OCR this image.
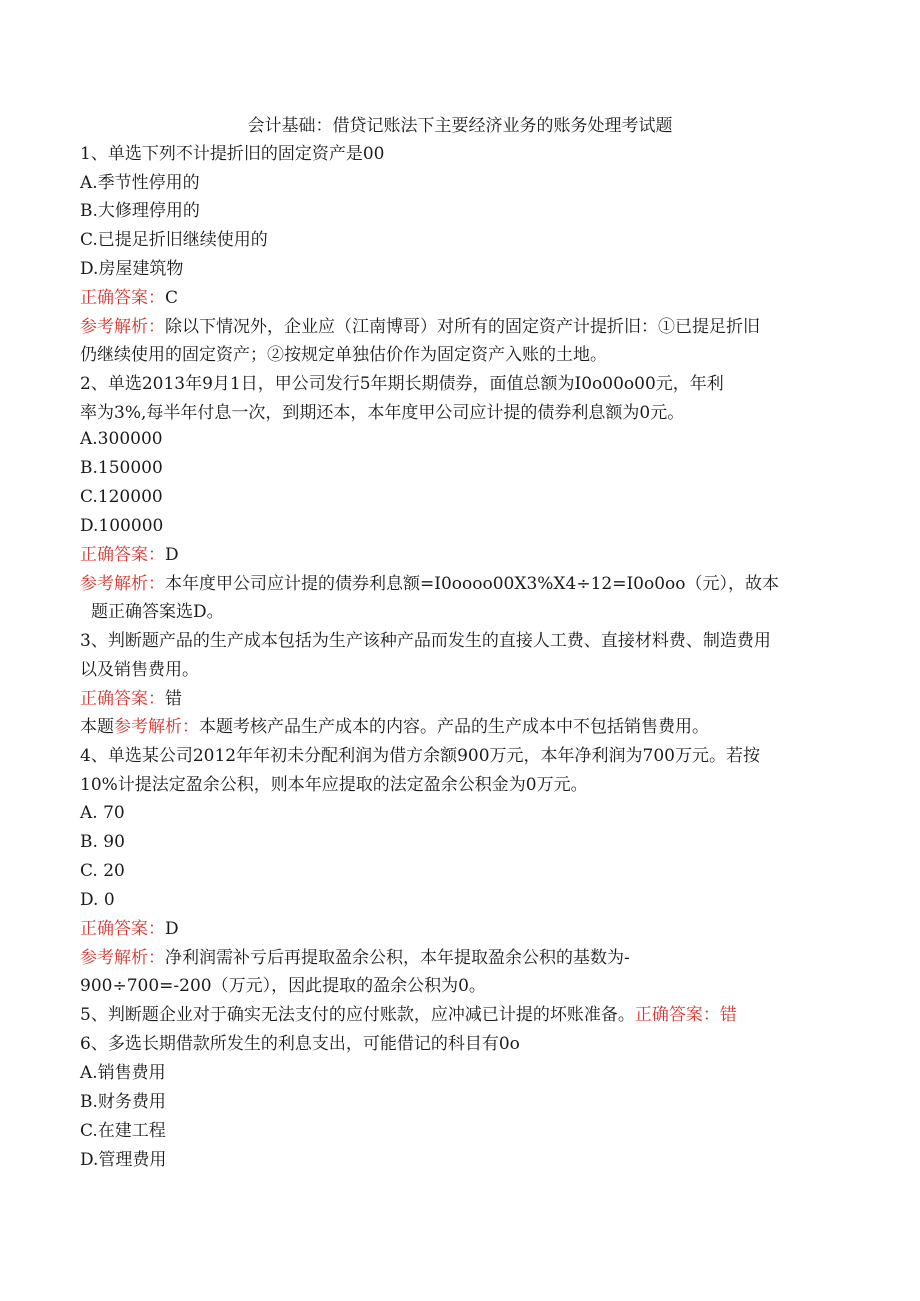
会计基础：借贷记账法下主要经济业务的账务处理考试题
1、单选下列不计提折旧的固定资产是00
A.季节性停用的
B.大修理停用的
C.已提足折旧继续使用的
D.房屋建筑物
正确答案：C
参考解析：除以下情况外，企业应（江南博哥）对所有的固定资产计提折旧：①已提足折旧
仍继续使用的固定资产；②按规定单独估价作为固定资产入账的土地。
2、单选2013年9月1日，甲公司发行5年期长期债券，面值总额为I0o00o00元，年利
率为3%,每半年付息一次，到期还本，本年度甲公司应计提的债券利息额为0元。
A.300000
B.150000
C.120000
D.100000
正确答案：D
参考解析：本年度甲公司应计提的债券利息额=I0oooo00X3%X4÷12=I0o0oo（元），故本
题正确答案选D。
3、判断题产品的生产成本包括为生产该种产品而发生的直接人工费、直接材料费、制造费用
以及销售费用。
正确答案：错
本题参考解析：本题考核产品生产成本的内容。产品的生产成本中不包括销售费用。
4、单选某公司2012年年初未分配利润为借方余额900万元，本年净利润为700万元。若按
10%计提法定盈余公积，则本年应提取的法定盈余公积金为0万元。
A. 70
B. 90
C. 20
D. 0
正确答案：D
参考解析：净利润需补亏后再提取盈余公积，本年提取盈余公积的基数为-
900÷700=-200（万元），因此提取的盈余公积为0。
5、判断题企业对于确实无法支付的应付账款，应冲减已计提的坏账准备。正确答案：错
6、多选长期借款所发生的利息支出，可能借记的科目有0o
A.销售费用
B.财务费用
C.在建工程
D.管理费用
